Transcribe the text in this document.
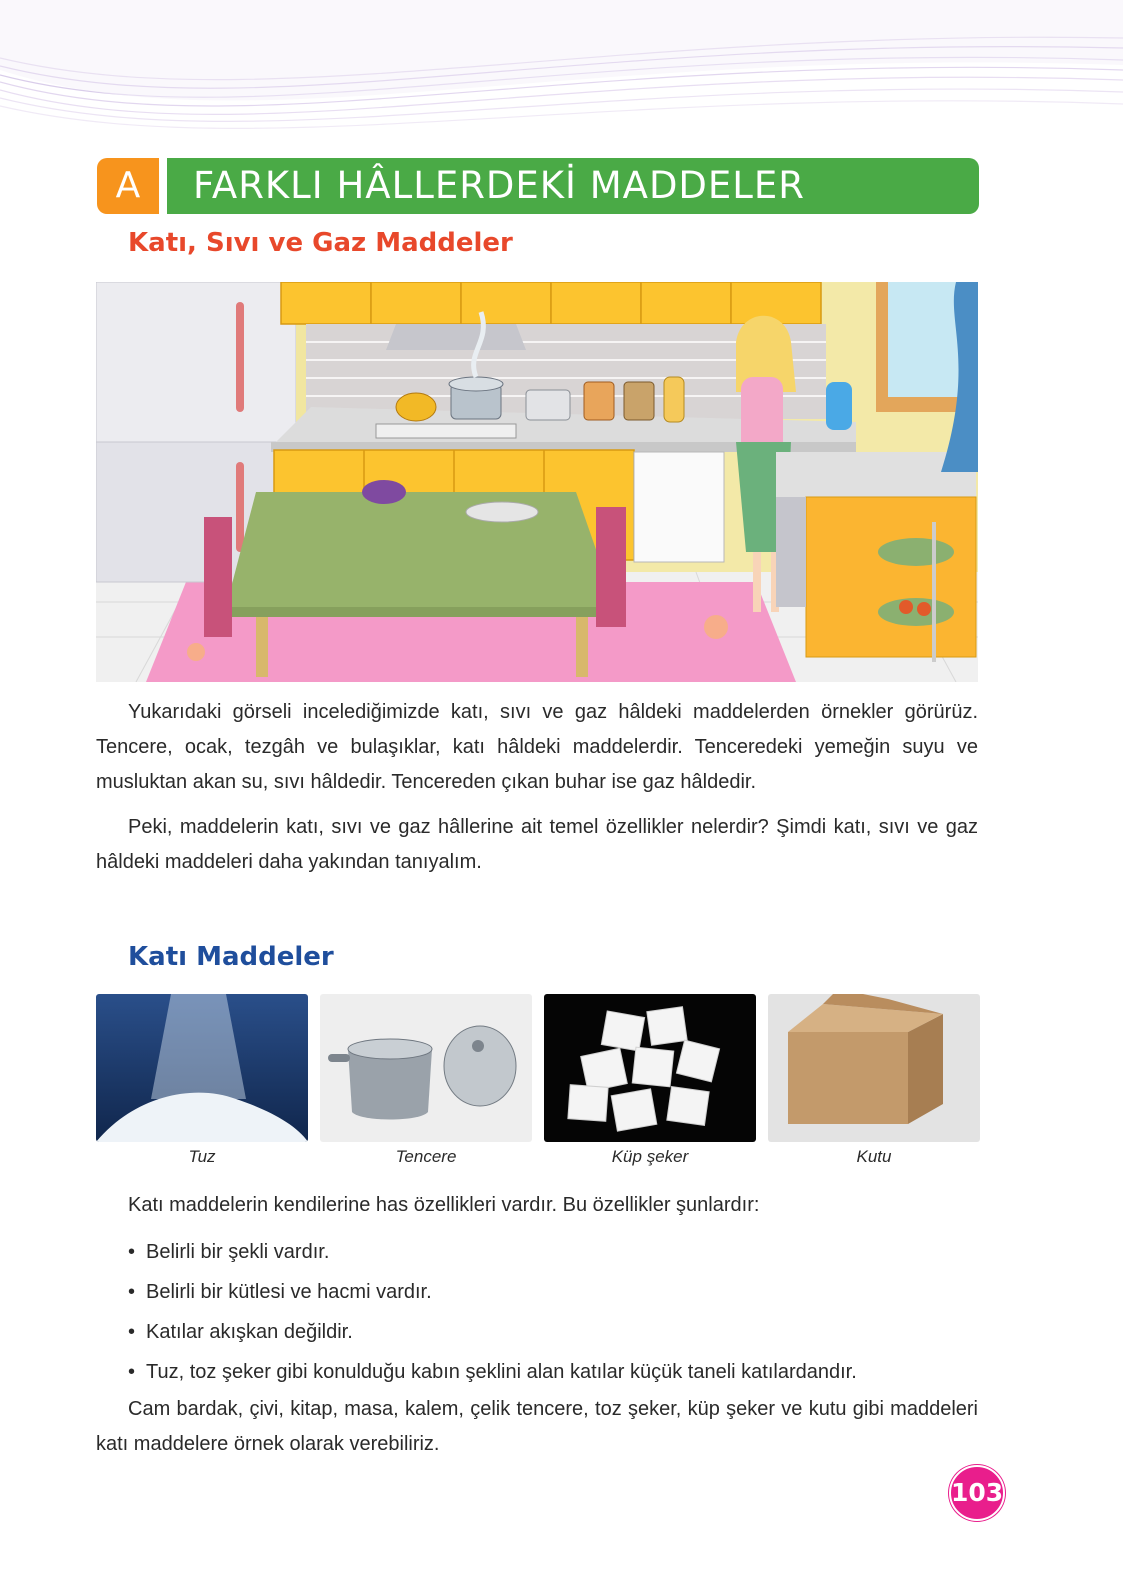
A	FARKLI HÂLLERDEKİ MADDELER
Katı, Sıvı ve Gaz Maddeler

Yukarıdaki görseli incelediğimizde katı, sıvı ve gaz hâldeki maddelerden örnekler görürüz. Tencere, ocak, tezgâh ve bulaşıklar, katı hâldeki maddelerdir. Tenceredeki yemeğin suyu ve musluktan akan su, sıvı hâldedir. Tencereden çıkan buhar ise gaz hâldedir.

Peki, maddelerin katı, sıvı ve gaz hâllerine ait temel özellikler nelerdir? Şimdi katı, sıvı ve gaz hâldeki maddeleri daha yakından tanıyalım.

Katı Maddeler
Tuz	Tencere	Küp şeker	Kutu
Katı maddelerin kendilerine has özellikleri vardır. Bu özellikler şunlardır:
• Belirli bir şekli vardır.
• Belirli bir kütlesi ve hacmi vardır.
• Katılar akışkan değildir.
• Tuz, toz şeker gibi konulduğu kabın şeklini alan katılar küçük taneli katılardandır.

Cam bardak, çivi, kitap, masa, kalem, çelik tencere, toz şeker, küp şeker ve kutu gibi maddeleri katı maddelere örnek olarak verebiliriz.

103
